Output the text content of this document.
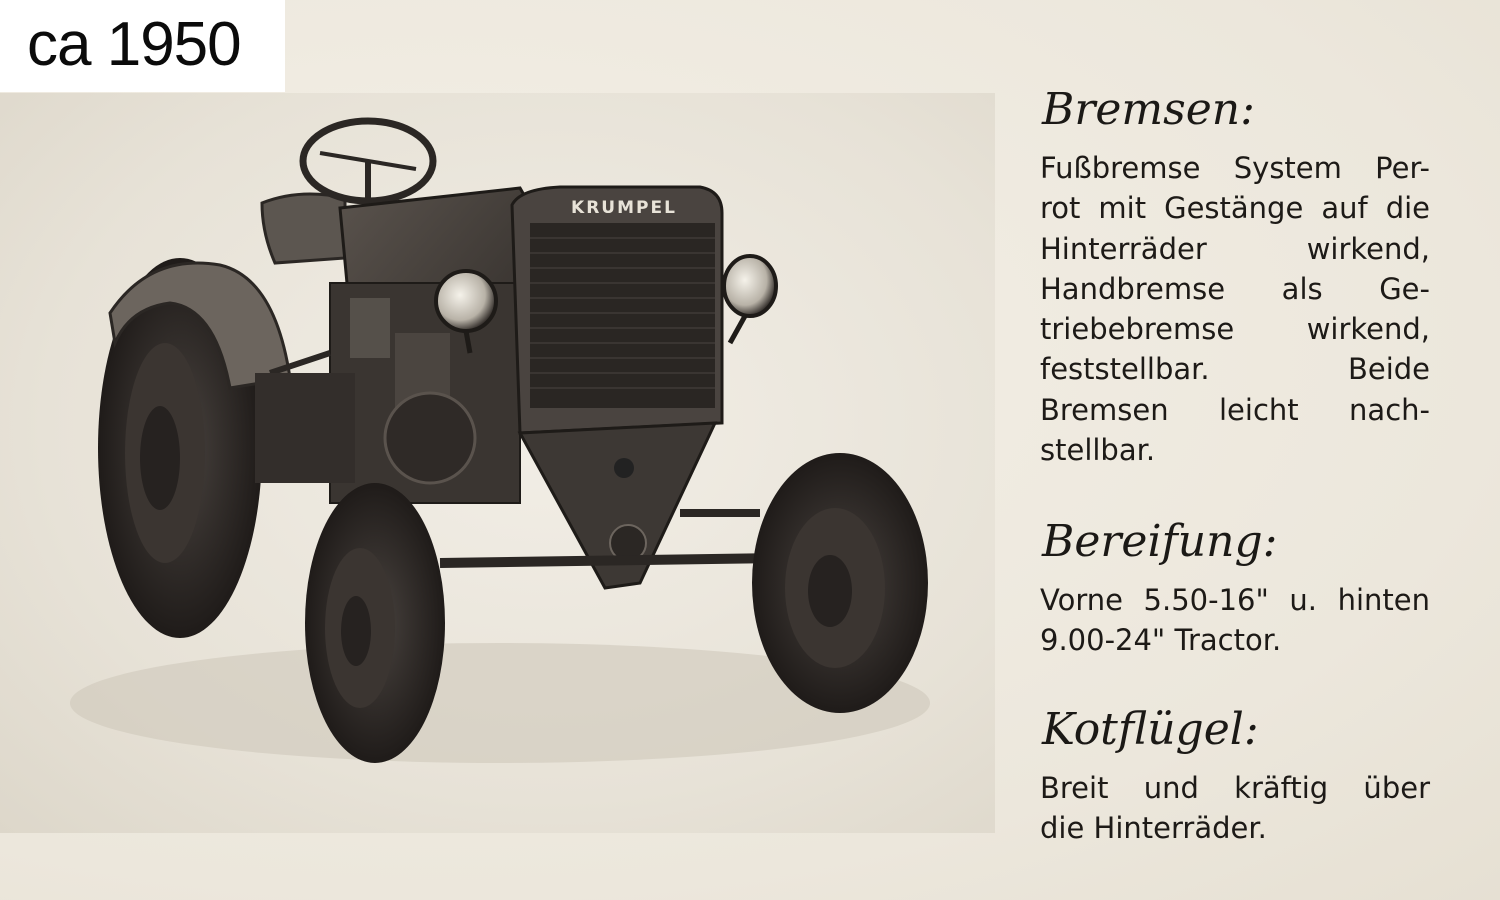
ca 1950
KRUMPEL
Bremsen:
Fußbremse System Per-
rot mit Gestänge auf die
Hinterräder wirkend,
Handbremse als Ge-
triebebremse wirkend,
feststellbar. Beide
Bremsen leicht nach-
stellbar.
Bereifung:
Vorne 5.50-16" u. hinten
9.00-24" Tractor.
Kotflügel:
Breit und kräftig über
die Hinterräder.
